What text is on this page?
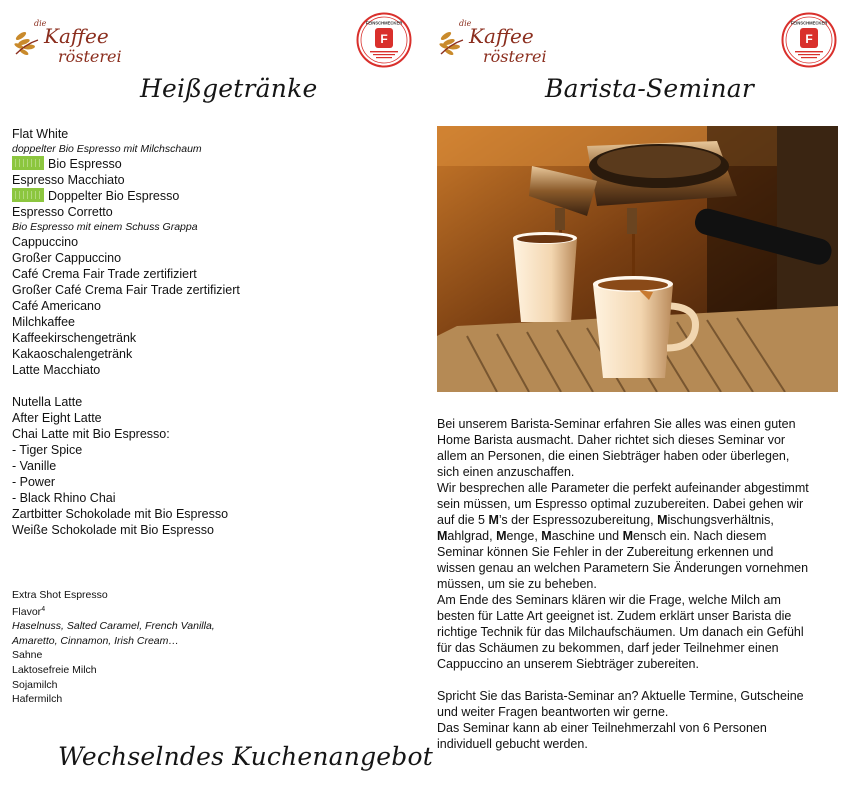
die
Kaffee
rösterei
FEINSCHMECKER
F
Heißgetränke
Flat White
doppelter Bio Espresso mit Milchschaum
Bio Espresso
Espresso Macchiato
Doppelter Bio Espresso
Espresso Corretto
Bio Espresso mit einem Schuss Grappa
Cappuccino
Großer Cappuccino
Café Crema Fair Trade zertifiziert
Großer Café Crema Fair Trade zertifiziert
Café Americano
Milchkaffee
Kaffeekirschengetränk
Kakaoschalengetränk
Latte Macchiato
Nutella Latte
After Eight Latte
Chai Latte mit Bio Espresso:
- Tiger Spice
- Vanille
- Power
- Black Rhino Chai
Zartbitter Schokolade mit Bio Espresso
Weiße Schokolade mit Bio Espresso
Extra Shot Espresso
Flavor$^4$
Haselnuss, Salted Caramel, French Vanilla,
Amaretto, Cinnamon, Irish Cream…
Sahne
Laktosefreie Milch
Sojamilch
Hafermilch
Wechselndes Kuchenangebot
die
Kaffee
rösterei
FEINSCHMECKER
F
Barista-Seminar

Bei unserem Barista-Seminar erfahren Sie alles was einen guten
Home Barista ausmacht. Daher richtet sich dieses Seminar vor
allem an Personen, die einen Siebträger haben oder überlegen,
sich einen anzuschaffen.

Wir besprechen alle Parameter die perfekt aufeinander abgestimmt
sein müssen, um Espresso optimal zuzubereiten. Dabei gehen wir
auf die 5 M’s der Espressozubereitung, Mischungsverhältnis,
Mahlgrad, Menge, Maschine und Mensch ein. Nach diesem
Seminar können Sie Fehler in der Zubereitung erkennen und
wissen genau an welchen Parametern Sie Änderungen vornehmen
müssen, um sie zu beheben.

Am Ende des Seminars klären wir die Frage, welche Milch am
besten für Latte Art geeignet ist. Zudem erklärt unser Barista die
richtige Technik für das Milchaufschäumen. Um danach ein Gefühl
für das Schäumen zu bekommen, darf jeder Teilnehmer einen
Cappuccino an unserem Siebträger zubereiten.

Spricht Sie das Barista-Seminar an? Aktuelle Termine, Gutscheine
und weiter Fragen beantworten wir gerne.
Das Seminar kann ab einer Teilnehmerzahl von 6 Personen
individuell gebucht werden.
